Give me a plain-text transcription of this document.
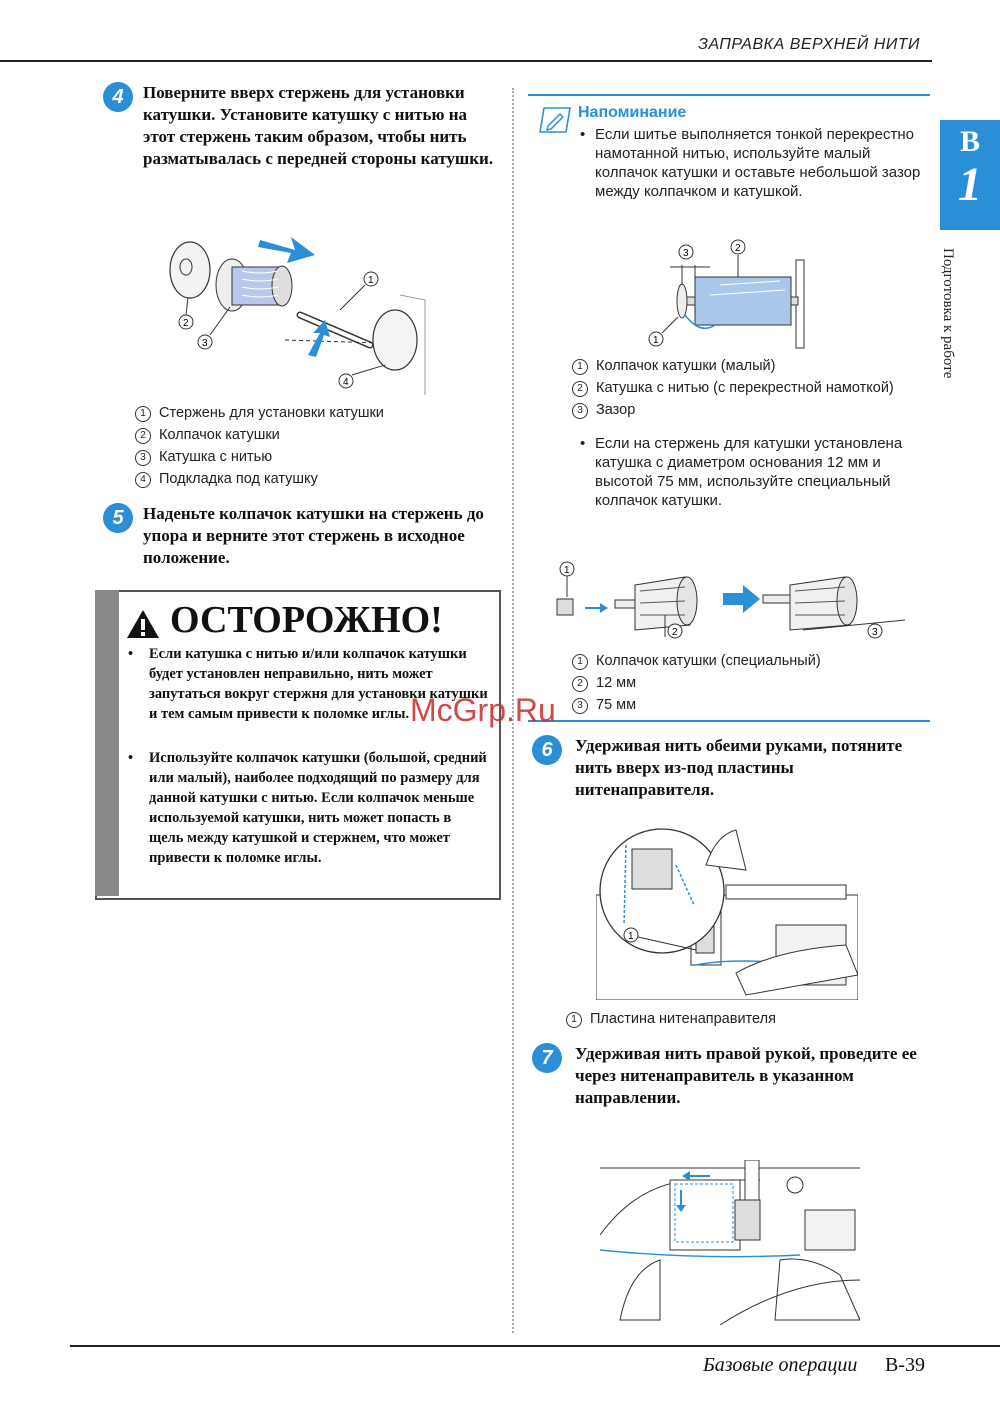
ЗАПРАВКА ВЕРХНЕЙ НИТИ
B
1
Подготовка к работе
4	Поверните вверх стержень для установки катушки. Установите катушку с нитью на этот стержень таким образом, чтобы нить разматывалась с передней стороны катушки.
1
2
3
4
1 Стержень для установки катушки
2 Колпачок катушки
3 Катушка с нитью
4 Подкладка под катушку
5	Наденьте колпачок катушки на стержень до упора и верните этот стержень в исходное положение.
ОСТОРОЖНО!
• Если катушка с нитью и/или колпачок катушки будет установлен неправильно, нить может запутаться вокруг стержня для установки катушки и тем самым привести к поломке иглы.
• Используйте колпачок катушки (большой, средний или малый), наиболее подходящий по размеру для данной катушки с нитью. Если колпачок меньше используемой катушки, нить может попасть в щель между катушкой и стержнем, что может привести к поломке иглы.
Напоминание
• Если шитье выполняется тонкой перекрестно намотанной нитью, используйте малый колпачок катушки и оставьте небольшой зазор между колпачком и катушкой.
3	2
1
1 Колпачок катушки (малый)
2 Катушка с нитью (с перекрестной намоткой)
3 Зазор
• Если на стержень для катушки установлена катушка с диаметром основания 12 мм и высотой 75 мм, используйте специальный колпачок катушки.
1
2	3
1 Колпачок катушки (специальный)
2 12 мм
3 75 мм
McGrp.Ru
6	Удерживая нить обеими руками, потяните нить вверх из-под пластины нитенаправителя.
1
1 Пластина нитенаправителя
7	Удерживая нить правой рукой, проведите ее через нитенаправитель в указанном направлении.
Базовые операции B-39
